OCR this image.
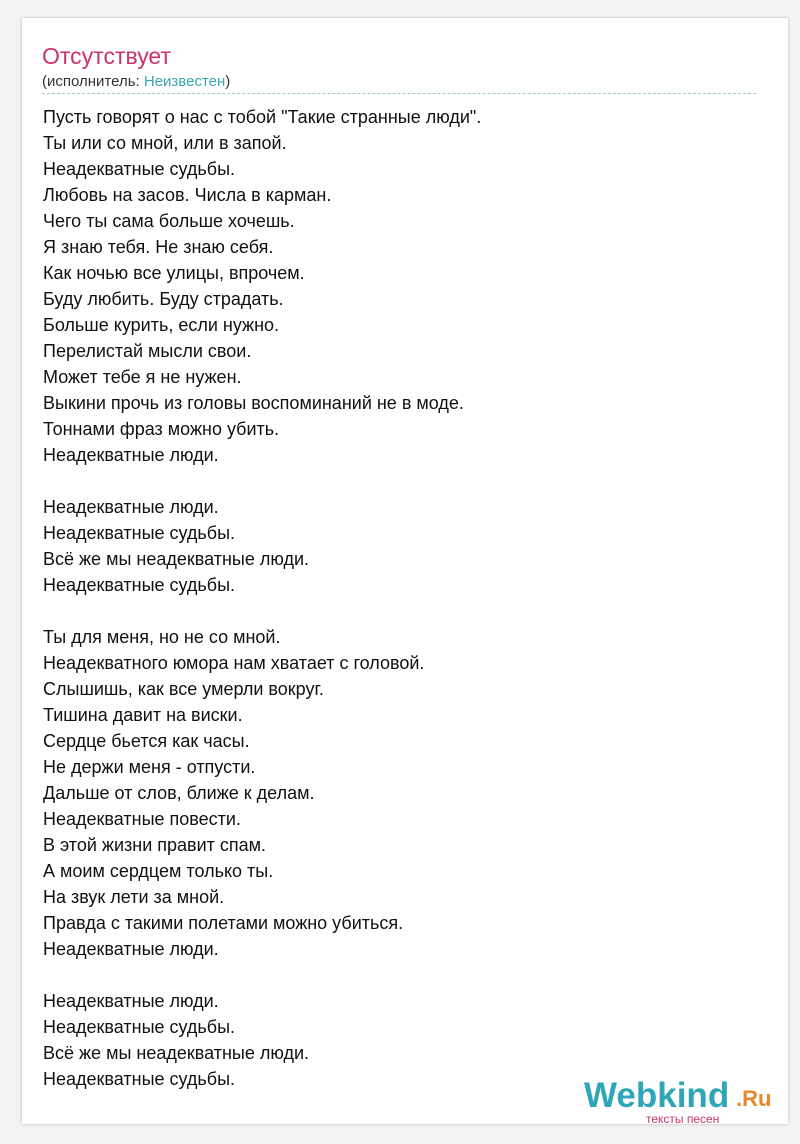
Отсутствует
(исполнитель: Неизвестен)
Пусть говорят о нас с тобой "Такие странные люди".
Ты или со мной, или в запой.
Неадекватные судьбы.
Любовь на засов. Числа в карман.
Чего ты сама больше хочешь.
Я знаю тебя. Не знаю себя.
Как ночью все улицы, впрочем.
Буду любить. Буду страдать.
Больше курить, если нужно.
Перелистай мысли свои.
Может тебе я не нужен.
Выкини прочь из головы воспоминаний не в моде.
Тоннами фраз можно убить.
Неадекватные люди.
Неадекватные люди.
Неадекватные судьбы.
Всё же мы неадекватные люди.
Неадекватные судьбы.
Ты для меня, но не со мной.
Неадекватного юмора нам хватает с головой.
Слышишь, как все умерли вокруг.
Тишина давит на виски.
Сердце бьется как часы.
Не держи меня - отпусти.
Дальше от слов, ближе к делам.
Неадекватные повести.
В этой жизни правит спам.
А моим сердцем только ты.
На звук лети за мной.
Правда с такими полетами можно убиться.
Неадекватные люди.
Неадекватные люди.
Неадекватные судьбы.
Всё же мы неадекватные люди.
Неадекватные судьбы.	Webkind .Ru
тексты песен
